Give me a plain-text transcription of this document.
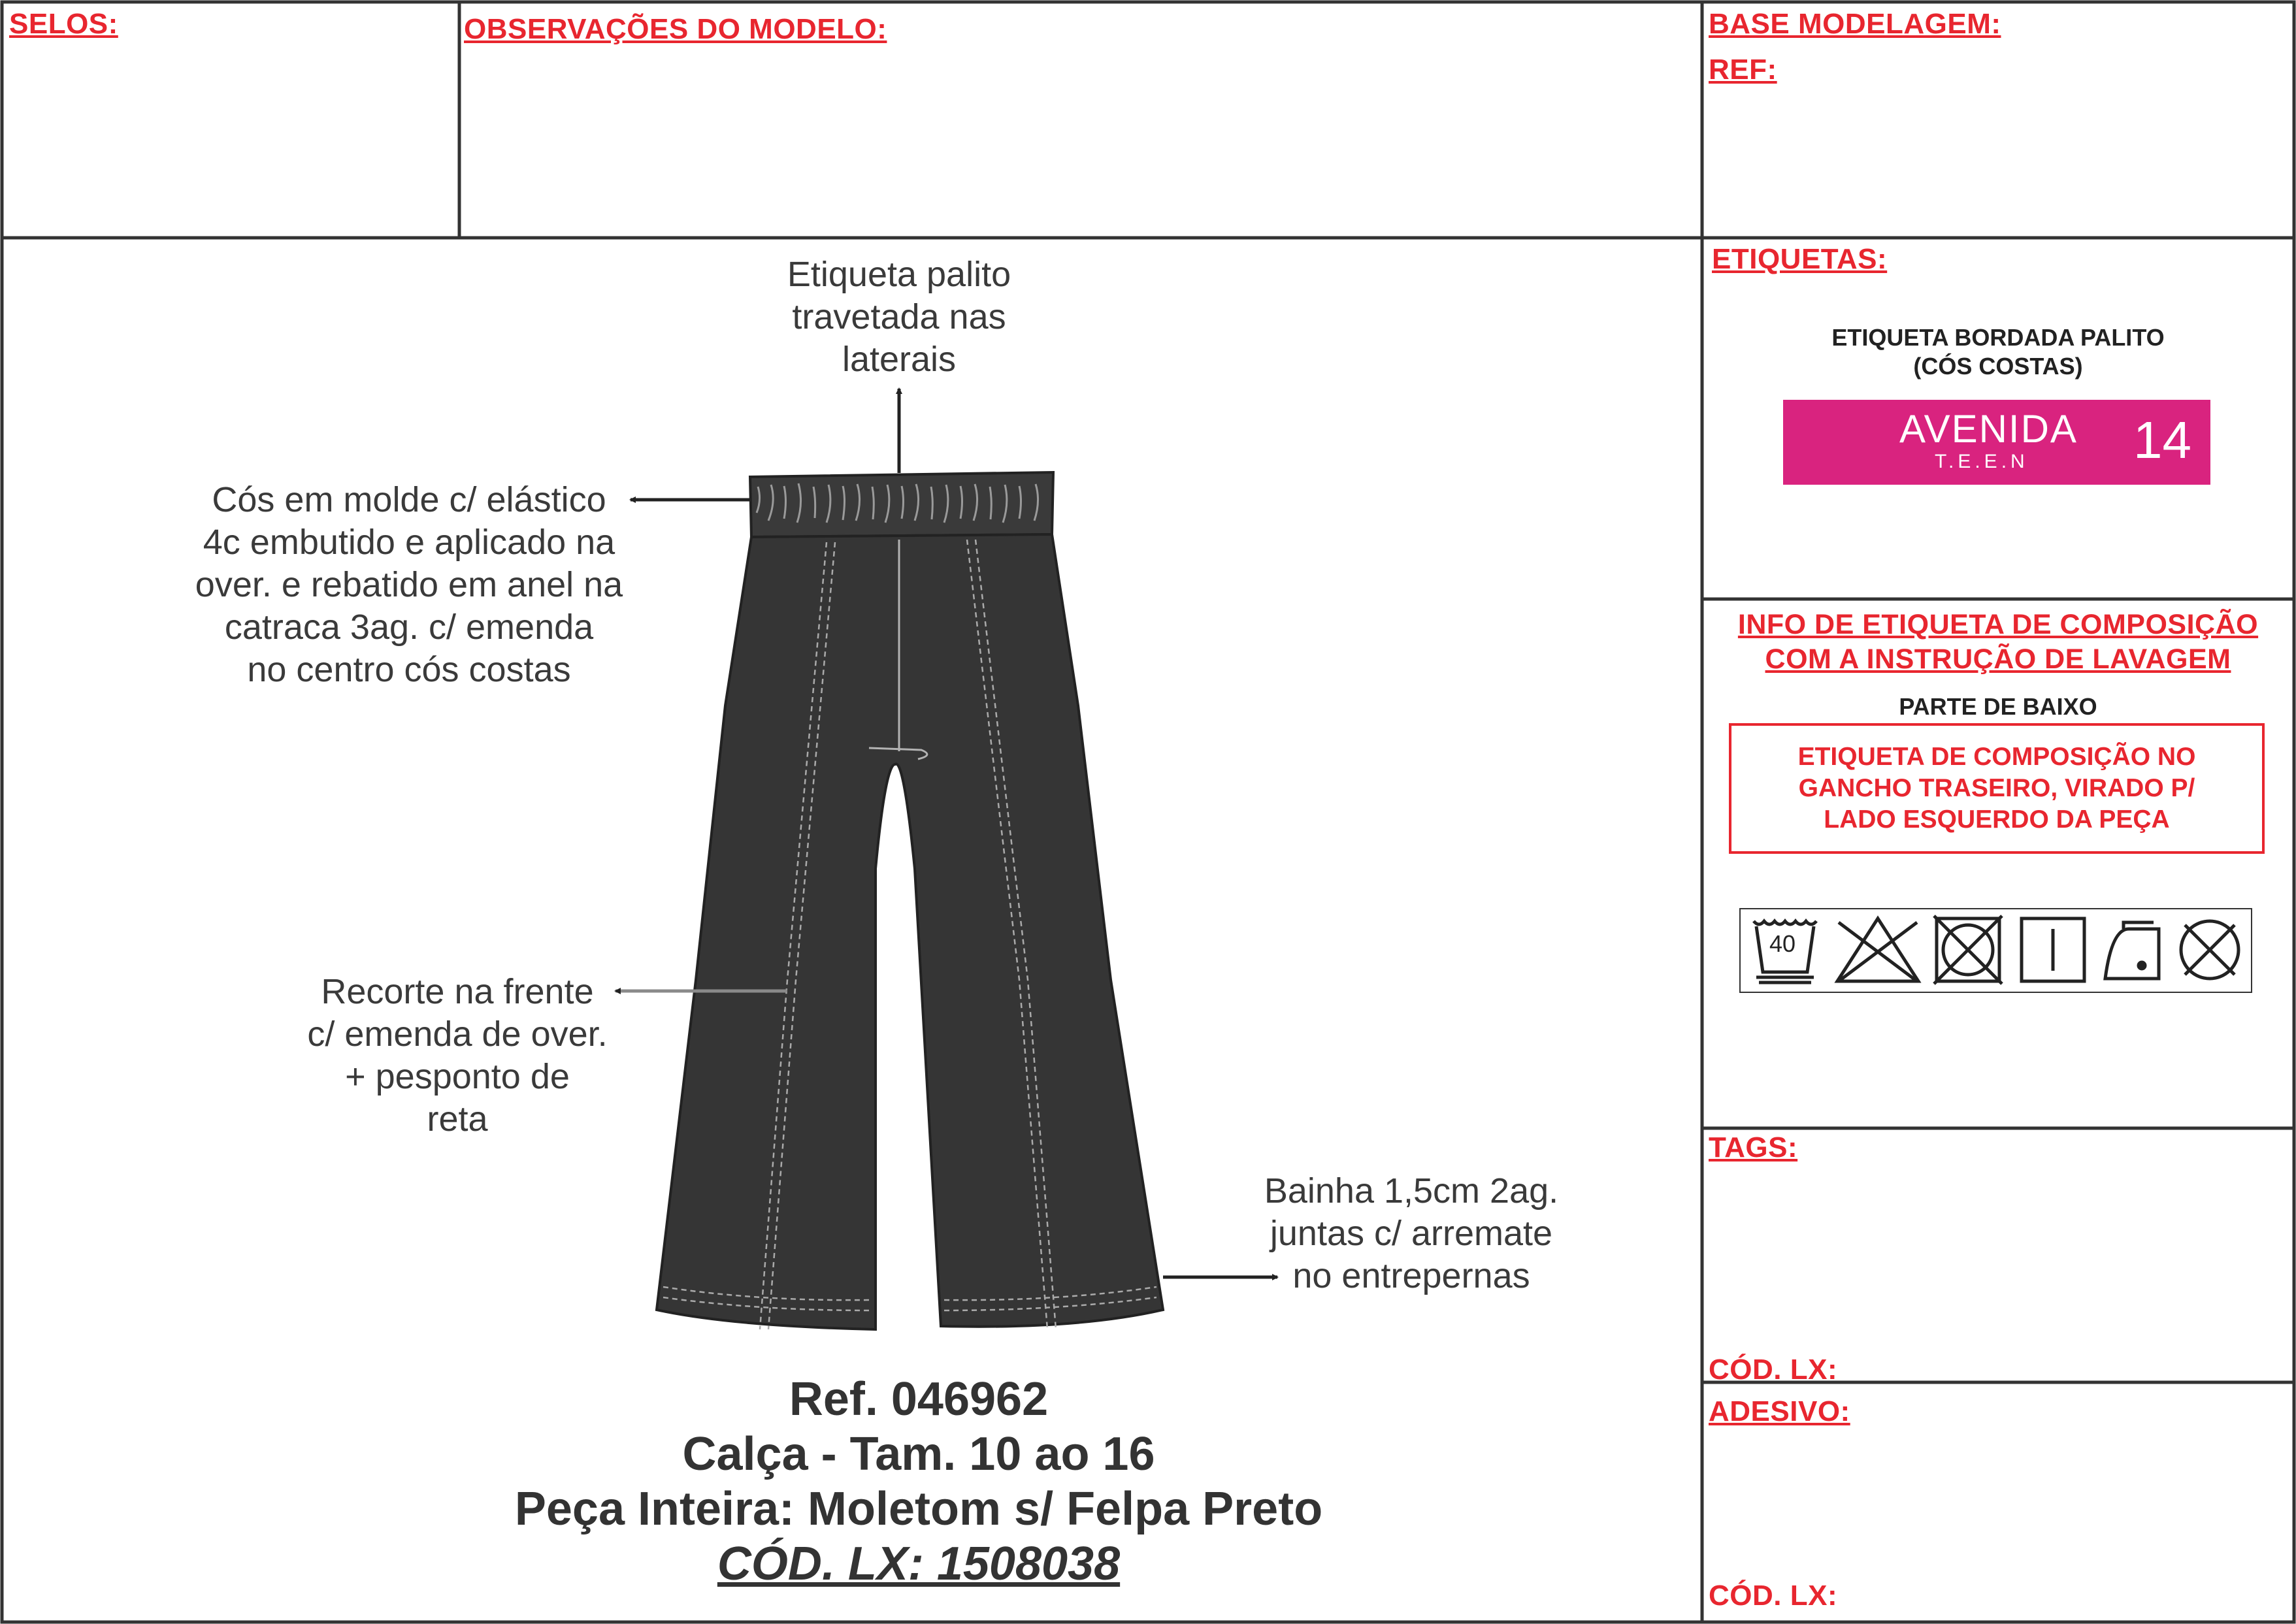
SELOS:	OBSERVAÇÕES DO MODELO:	BASE MODELAGEM:
REF:
Etiqueta palito
travetada nas
laterais
Cós em molde c/ elástico
4c embutido e aplicado na
over. e rebatido em anel na
catraca 3ag. c/ emenda
no centro cós costas
Recorte na frente
c/ emenda de over.
+ pesponto de
reta
Bainha 1,5cm 2ag.
juntas c/ arremate
no entrepernas
Ref. 046962
Calça - Tam. 10 ao 16
Peça Inteira: Moletom s/ Felpa Preto
CÓD. LX: 1508038
ETIQUETAS:
ETIQUETA BORDADA PALITO
(CÓS COSTAS)
AVENIDA
T.E.E.N 14
INFO DE ETIQUETA DE COMPOSIÇÃO
COM A INSTRUÇÃO DE LAVAGEM
PARTE DE BAIXO
ETIQUETA DE COMPOSIÇÃO NO
GANCHO TRASEIRO, VIRADO P/
LADO ESQUERDO DA PEÇA
40
TAGS:
CÓD. LX:
ADESIVO:
CÓD. LX:
